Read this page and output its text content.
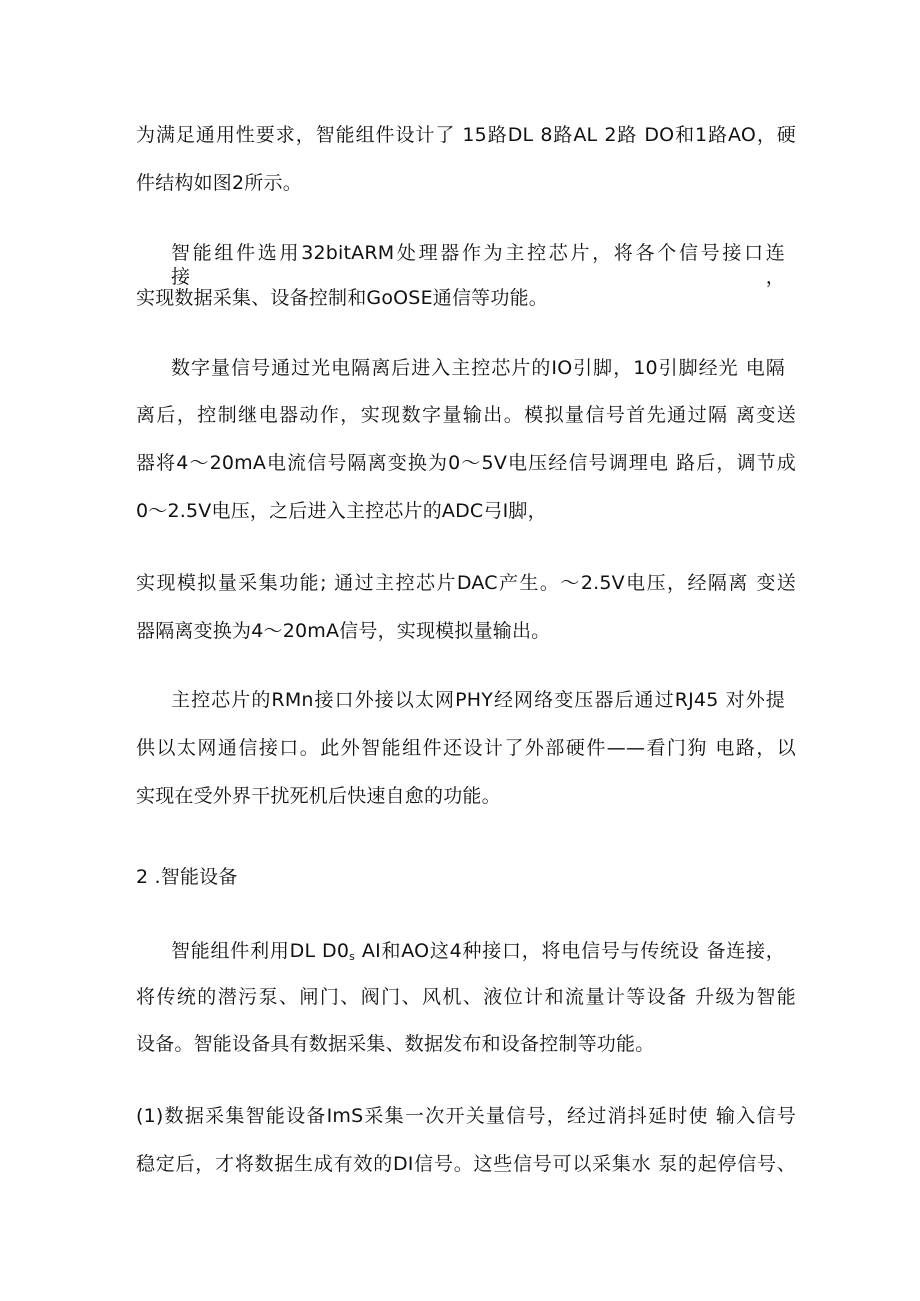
为满足通用性要求，智能组件设计了 15路DL 8路AL 2路 DO和1路AO，硬
件结构如图2所示。
智能组件选用32bitARM处理器作为主控芯片，将各个信号接口连　 接，
实现数据采集、设备控制和GoOSE通信等功能。
数字量信号通过光电隔离后进入主控芯片的IO引脚，10引脚经光 电隔
离后，控制继电器动作，实现数字量输出。模拟量信号首先通过隔 离变送
器将4～20mA电流信号隔离变换为0～5V电压经信号调理电 路后，调节成
0～2.5V电压，之后进入主控芯片的ADC弓I脚，
实现模拟量采集功能; 通过主控芯片DAC产生。～2.5V电压，经隔离 变送
器隔离变换为4～20mA信号，实现模拟量输出。
主控芯片的RMn接口外接以太网PHY经网络变压器后通过RJ45 对外提
供以太网通信接口。此外智能组件还设计了外部硬件——看门狗 电路，以
实现在受外界干扰死机后快速自愈的功能。
2 .智能设备
智能组件利用DL $D0_s$ AI和AO这4种接口，将电信号与传统设 备连接，
将传统的潜污泵、闸门、阀门、风机、液位计和流量计等设备 升级为智能
设备。智能设备具有数据采集、数据发布和设备控制等功能。
(1)数据采集智能设备ImS采集一次开关量信号，经过消抖延时使 输入信号
稳定后，才将数据生成有效的DI信号。这些信号可以采集水 泵的起停信号、
